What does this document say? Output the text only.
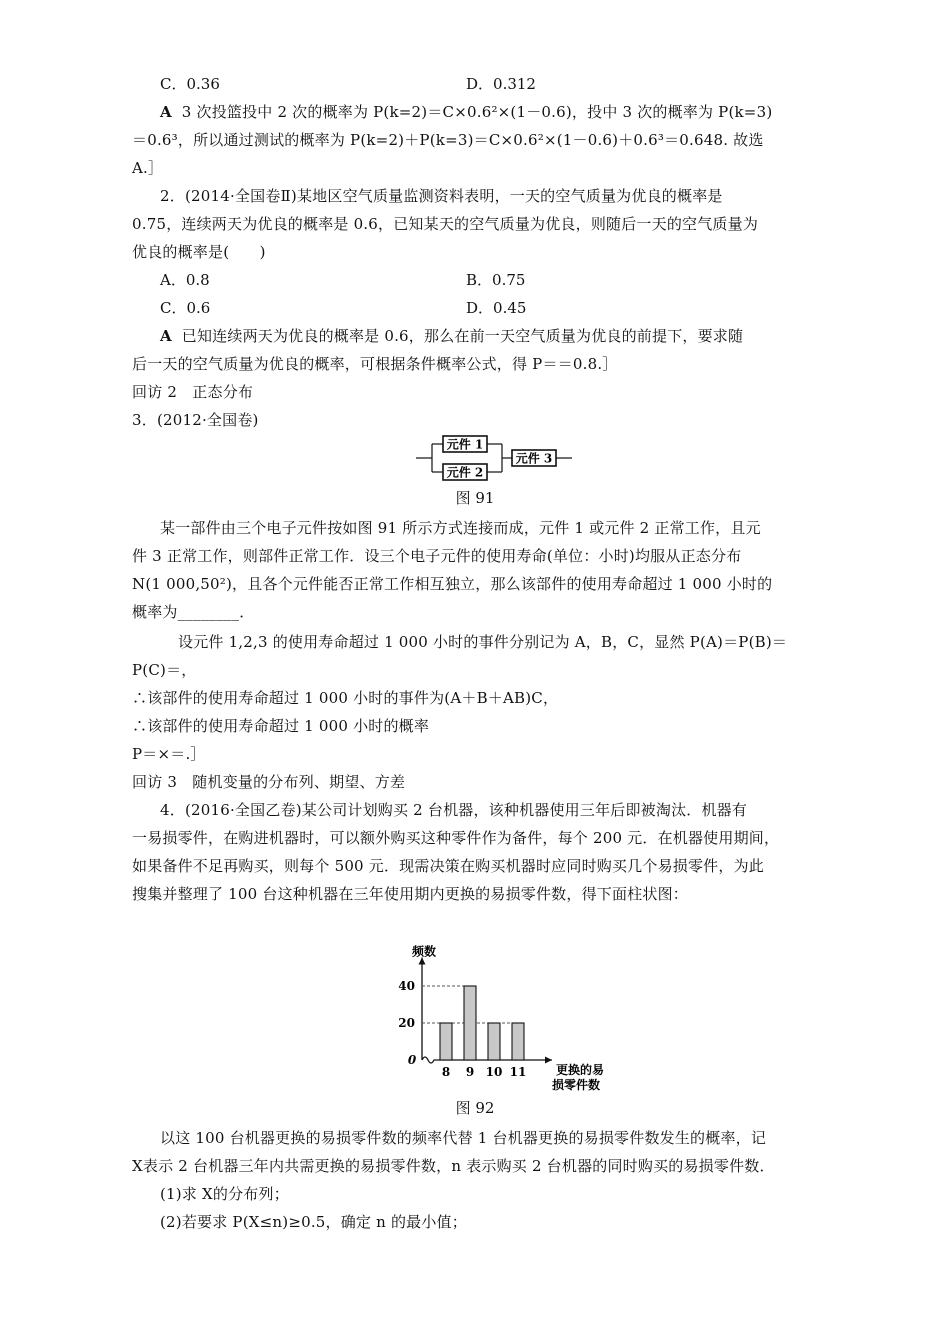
C．0.36	D．0.312
A 3 次投篮投中 2 次的概率为 P(k=2)＝C×0.6²×(1－0.6)，投中 3 次的概率为 P(k=3)
＝0.6³，所以通过测试的概率为 P(k=2)＋P(k=3)＝C×0.6²×(1－0.6)＋0.6³＝0.648. 故选
A.］
2．(2014·全国卷Ⅱ)某地区空气质量监测资料表明，一天的空气质量为优良的概率是
0.75，连续两天为优良的概率是 0.6，已知某天的空气质量为优良，则随后一天的空气质量为
优良的概率是(　　)
A．0.8	B．0.75
C．0.6	D．0.45
A 已知连续两天为优良的概率是 0.6，那么在前一天空气质量为优良的前提下，要求随
后一天的空气质量为优良的概率，可根据条件概率公式，得 P＝＝0.8.］
回访 2　正态分布
3．(2012·全国卷)
元件 1
元件 2
元件 3
图 91
某一部件由三个电子元件按如图 91 所示方式连接而成，元件 1 或元件 2 正常工作，且元
件 3 正常工作，则部件正常工作．设三个电子元件的使用寿命(单位：小时)均服从正态分布
N(1 000,50²)，且各个元件能否正常工作相互独立，那么该部件的使用寿命超过 1 000 小时的
概率为________．
设元件 1,2,3 的使用寿命超过 1 000 小时的事件分别记为 A，B，C，显然 P(A)＝P(B)＝
P(C)＝，
∴该部件的使用寿命超过 1 000 小时的事件为(A＋B＋AB)C，
∴该部件的使用寿命超过 1 000 小时的概率
P＝×＝.］
回访 3　随机变量的分布列、期望、方差
4．(2016·全国乙卷)某公司计划购买 2 台机器，该种机器使用三年后即被淘汰．机器有
一易损零件，在购进机器时，可以额外购买这种零件作为备件，每个 200 元．在机器使用期间，
如果备件不足再购买，则每个 500 元．现需决策在购买机器时应同时购买几个易损零件，为此
搜集并整理了 100 台这种机器在三年使用期内更换的易损零件数，得下面柱状图：
频数
0
20
40
8 9 10 11 更换的易
损零件数
图 92
以这 100 台机器更换的易损零件数的频率代替 1 台机器更换的易损零件数发生的概率，记
X表示 2 台机器三年内共需更换的易损零件数，n 表示购买 2 台机器的同时购买的易损零件数．
(1)求 X的分布列；
(2)若要求 P(X≤n)≥0.5，确定 n 的最小值；
